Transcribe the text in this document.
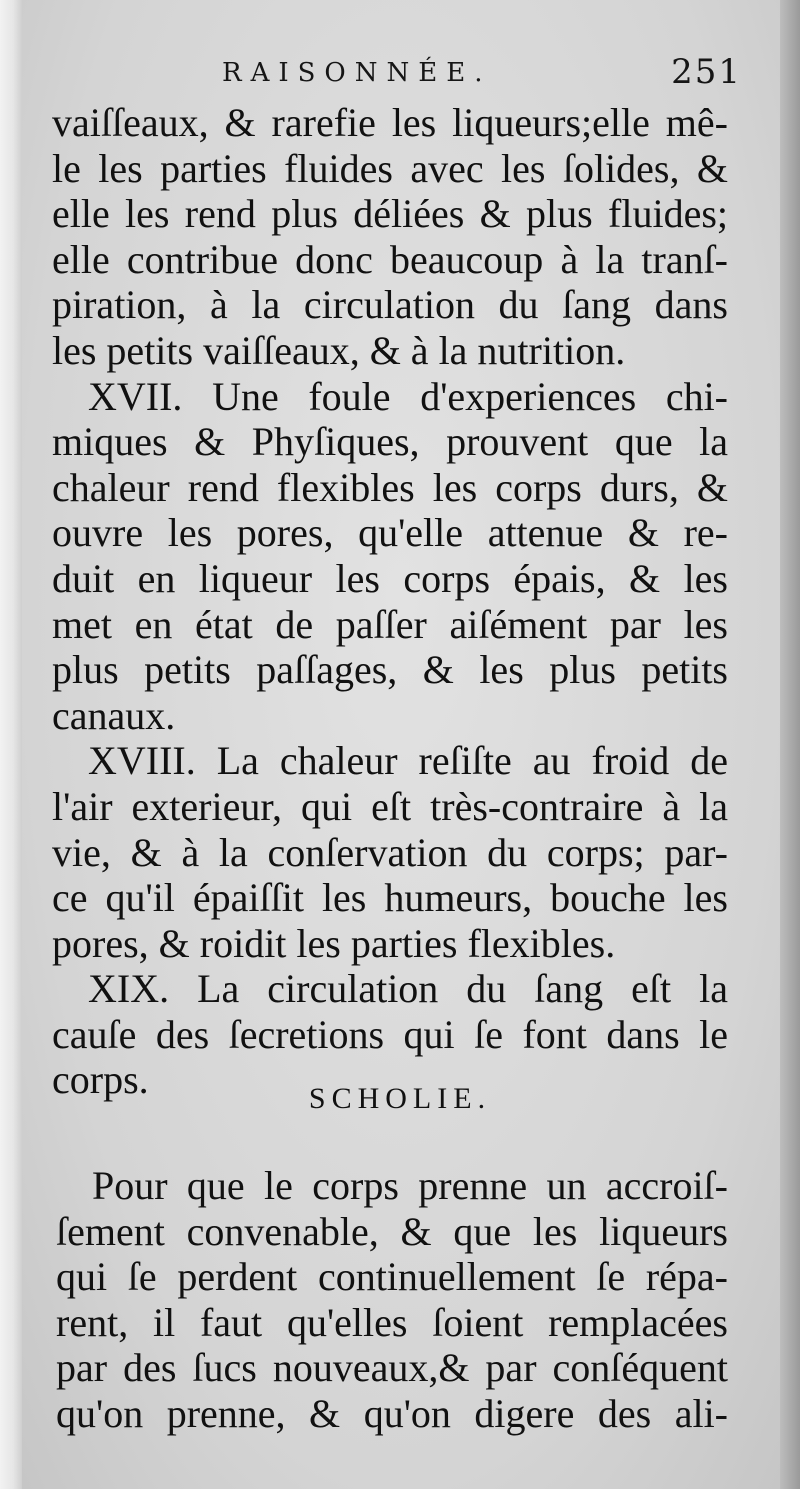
RAISONNÉE.	251
vaiſſeaux, & rarefie les liqueurs;elle mê-
le les parties fluides avec les ſolides, &
elle les rend plus déliées & plus fluides;
elle contribue donc beaucoup à la tranſ-
piration, à la circulation du ſang dans
les petits vaiſſeaux, & à la nutrition.
XVII. Une foule d'experiences chi-
miques & Phyſiques, prouvent que la
chaleur rend flexibles les corps durs, &
ouvre les pores, qu'elle attenue & re-
duit en liqueur les corps épais, & les
met en état de paſſer aiſément par les
plus petits paſſages, & les plus petits
canaux.
XVIII. La chaleur reſiſte au froid de
l'air exterieur, qui eſt très-contraire à la
vie, & à la conſervation du corps; par-
ce qu'il épaiſſit les humeurs, bouche les
pores, & roidit les parties flexibles.
XIX. La circulation du ſang eſt la
cauſe des ſecretions qui ſe font dans le
corps.	SCHOLIE.
Pour que le corps prenne un accroiſ-
ſement convenable, & que les liqueurs
qui ſe perdent continuellement ſe répa-
rent, il faut qu'elles ſoient remplacées
par des ſucs nouveaux,& par conſéquent
qu'on prenne, & qu'on digere des ali-
